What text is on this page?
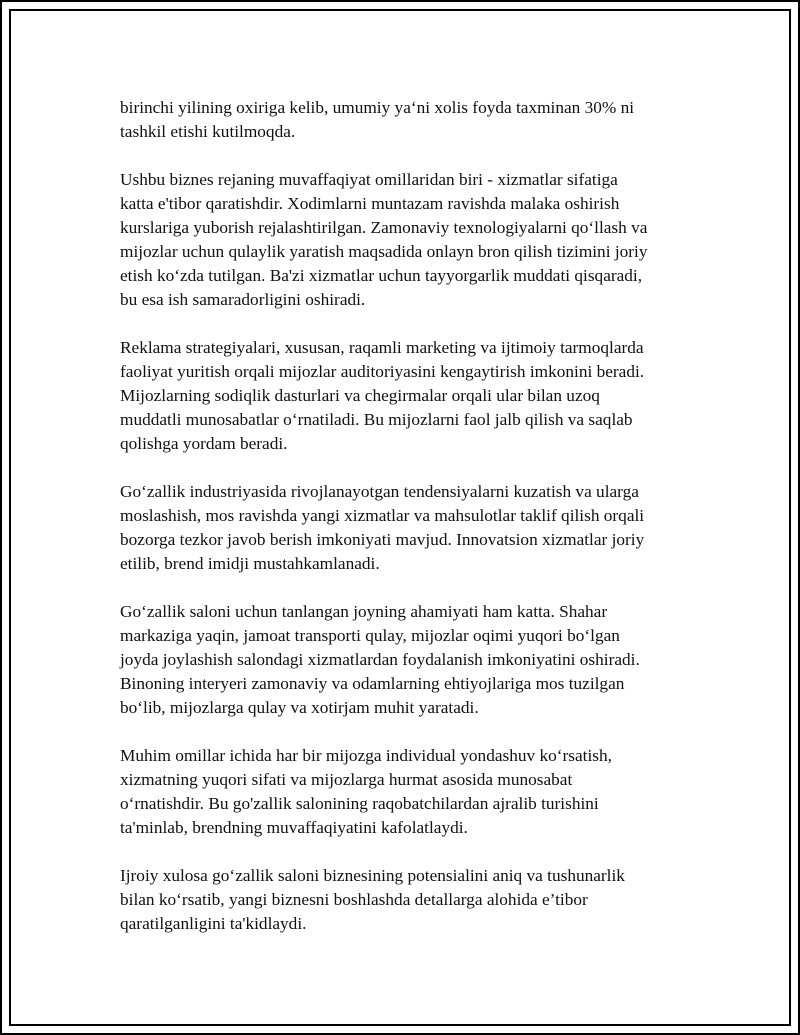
birinchi yilining oxiriga kelib, umumiy ya‘ni xolis foyda taxminan 30% ni
tashkil etishi kutilmoqda.

Ushbu biznes rejaning muvaffaqiyat omillaridan biri - xizmatlar sifatiga
katta e'tibor qaratishdir. Xodimlarni muntazam ravishda malaka oshirish
kurslariga yuborish rejalashtirilgan. Zamonaviy texnologiyalarni qo‘llash va
mijozlar uchun qulaylik yaratish maqsadida onlayn bron qilish tizimini joriy
etish ko‘zda tutilgan. Ba'zi xizmatlar uchun tayyorgarlik muddati qisqaradi,
bu esa ish samaradorligini oshiradi.

Reklama strategiyalari, xususan, raqamli marketing va ijtimoiy tarmoqlarda
faoliyat yuritish orqali mijozlar auditoriyasini kengaytirish imkonini beradi.
Mijozlarning sodiqlik dasturlari va chegirmalar orqali ular bilan uzoq
muddatli munosabatlar o‘rnatiladi. Bu mijozlarni faol jalb qilish va saqlab
qolishga yordam beradi.

Go‘zallik industriyasida rivojlanayotgan tendensiyalarni kuzatish va ularga
moslashish, mos ravishda yangi xizmatlar va mahsulotlar taklif qilish orqali
bozorga tezkor javob berish imkoniyati mavjud. Innovatsion xizmatlar joriy
etilib, brend imidji mustahkamlanadi.

Go‘zallik saloni uchun tanlangan joyning ahamiyati ham katta. Shahar
markaziga yaqin, jamoat transporti qulay, mijozlar oqimi yuqori bo‘lgan
joyda joylashish salondagi xizmatlardan foydalanish imkoniyatini oshiradi.
Binoning interyeri zamonaviy va odamlarning ehtiyojlariga mos tuzilgan
bo‘lib, mijozlarga qulay va xotirjam muhit yaratadi.

Muhim omillar ichida har bir mijozga individual yondashuv ko‘rsatish,
xizmatning yuqori sifati va mijozlarga hurmat asosida munosabat
o‘rnatishdir. Bu go'zallik salonining raqobatchilardan ajralib turishini
ta'minlab, brendning muvaffaqiyatini kafolatlaydi.

Ijroiy xulosa go‘zallik saloni biznesining potensialini aniq va tushunarlik
bilan ko‘rsatib, yangi biznesni boshlashda detallarga alohida e’tibor
qaratilganligini ta'kidlaydi.
